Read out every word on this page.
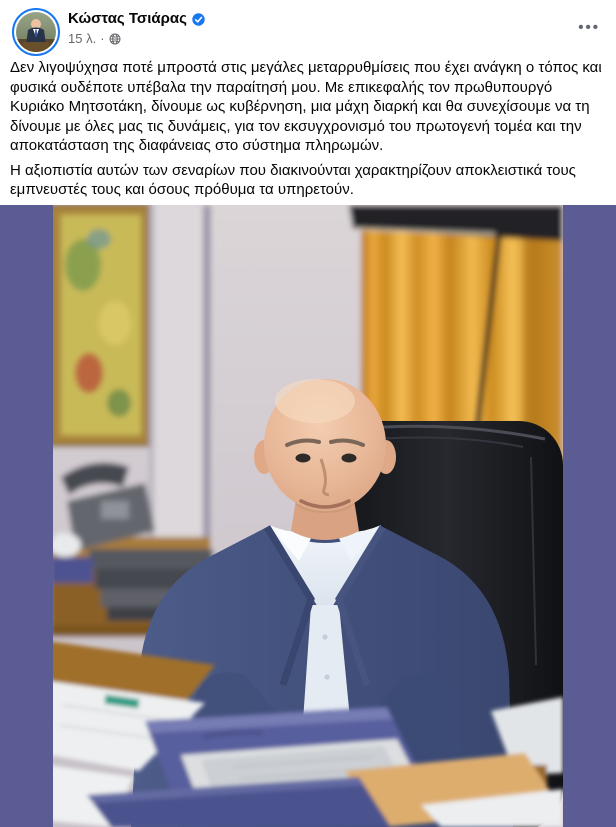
Κώστας Τσιάρας
15 λ. ·
•••

Δεν λιγοψύχησα ποτέ μπροστά στις μεγάλες μεταρρυθμίσεις που έχει ανάγκη ο τόπος και φυσικά ουδέποτε υπέβαλα την παραίτησή μου. Με επικεφαλής τον πρωθυπουργό Κυριάκο Μητσοτάκη, δίνουμε ως κυβέρνηση, μια μάχη διαρκή και θα συνεχίσουμε να τη δίνουμε με όλες μας τις δυνάμεις, για τον εκσυγχρονισμό του πρωτογενή τομέα και την αποκατάσταση της διαφάνειας στο σύστημα πληρωμών.

Η αξιοπιστία αυτών των σεναρίων που διακινούνται χαρακτηρίζουν αποκλειστικά τους εμπνευστές τους και όσους πρόθυμα τα υπηρετούν.
